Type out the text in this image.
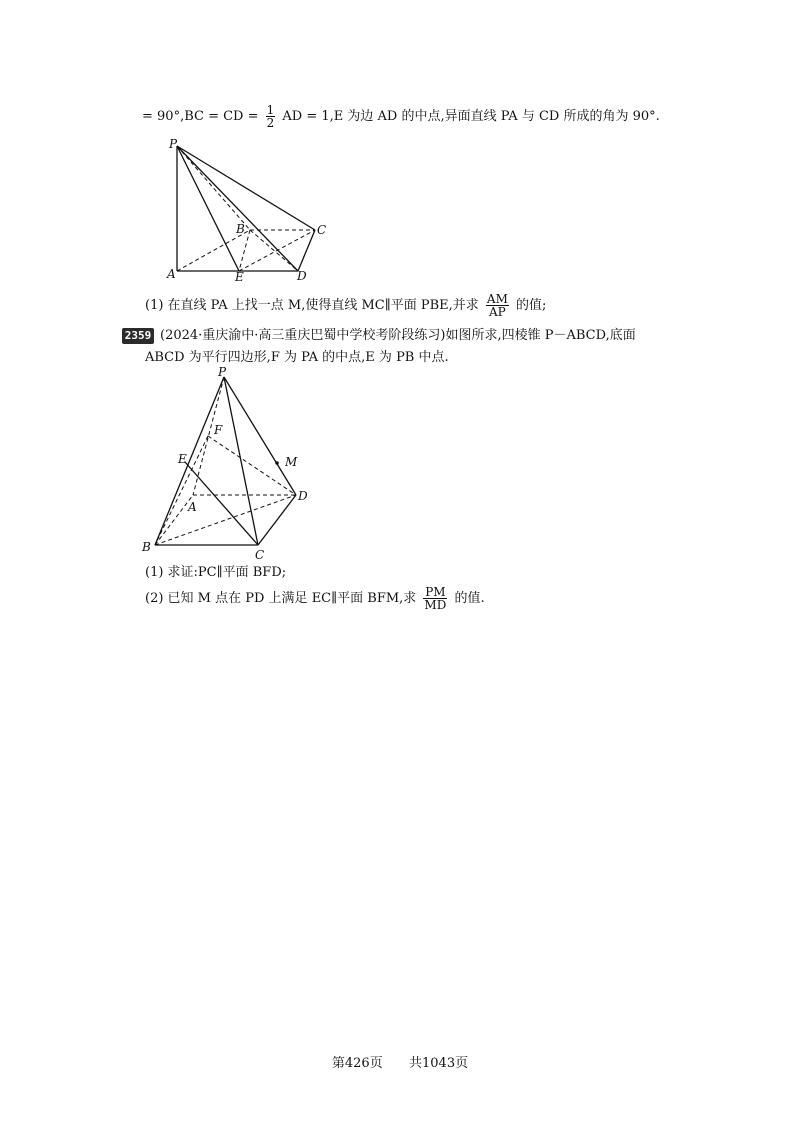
= 90°,BC = CD = $\frac{1}{2}$ AD = 1,E 为边 AD 的中点,异面直线 PA 与 CD 所成的角为 90°.
P
A	E	D
B	C
(1) 在直线 PA 上找一点 M,使得直线 MC∥平面 PBE,并求 $\frac{AM}{AP}$ 的值;
2359 (2024·重庆渝中·高三重庆巴蜀中学校考阶段练习)如图所求,四棱锥 P－ABCD,底面
ABCD 为平行四边形,F 为 PA 的中点,E 为 PB 中点.
P
F
E	M
A
D
B
C
(1) 求证:PC∥平面 BFD;
(2) 已知 M 点在 PD 上满足 EC∥平面 BFM,求 $\frac{PM}{MD}$ 的值.
第426页 共1043页
